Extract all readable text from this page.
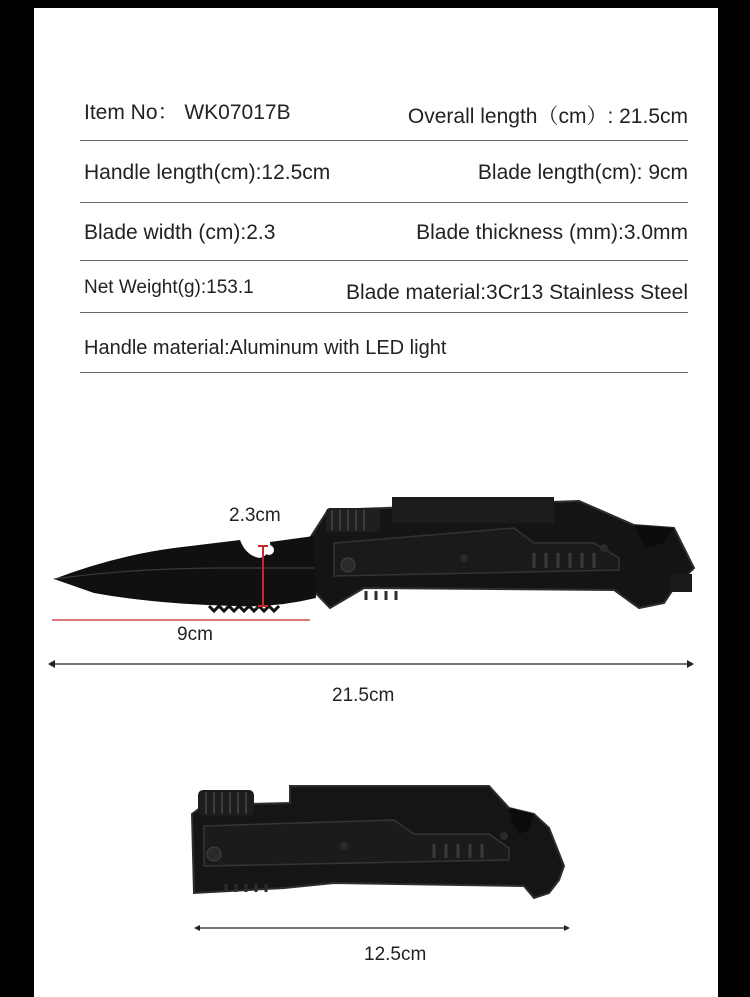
Item No： WK07017B	Overall length（cm）: 21.5cm
Handle length(cm):12.5cm	Blade length(cm): 9cm
Blade width (cm):2.3	Blade thickness (mm):3.0mm
Net Weight(g):153.1	Blade material:3Cr13 Stainless Steel
Handle material:Aluminum with LED light
2.3cm
9cm
21.5cm
12.5cm
